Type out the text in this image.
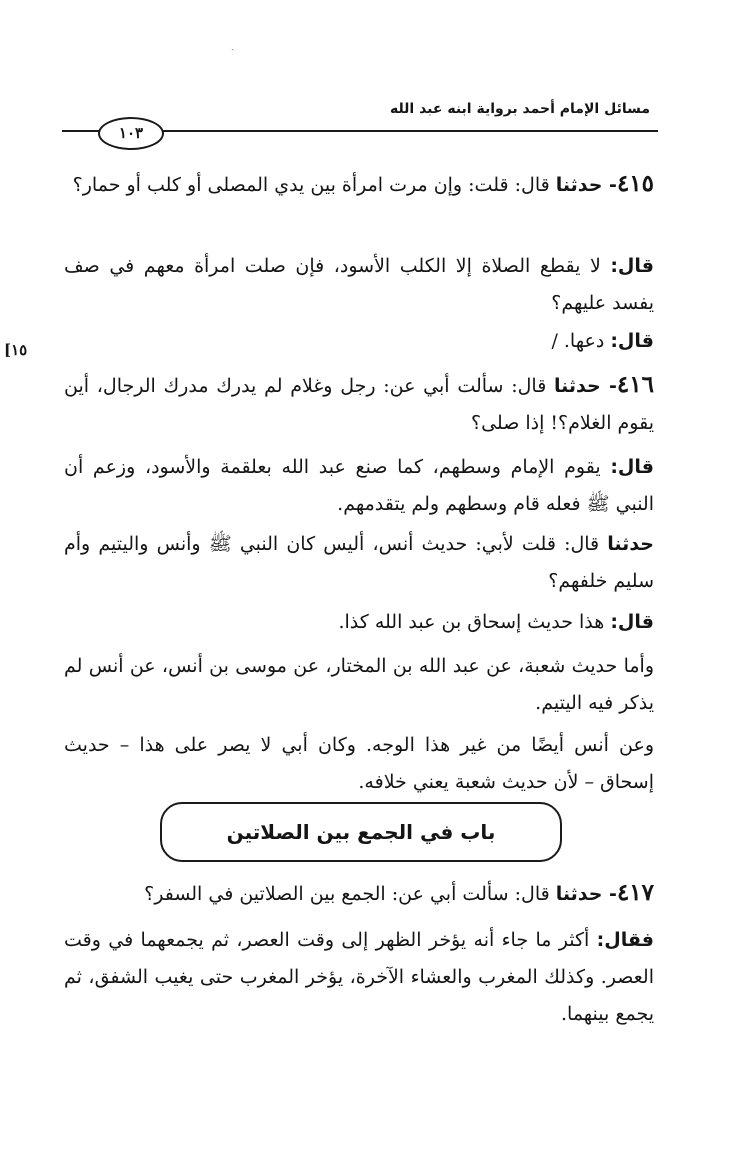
ˏ
مسائل الإمام أحمد برواية ابنه عبد الله
١٠٣
١٥]
٤١٥- حدثنا قال: قلت: وإن مرت امرأة بين يدي المصلى أو كلب أو حمار؟
قال: لا يقطع الصلاة إلا الكلب الأسود، فإن صلت امرأة معهم في صف يفسد عليهم؟
قال: دعها. /
٤١٦- حدثنا قال: سألت أبي عن: رجل وغلام لم يدرك مدرك الرجال، أين يقوم الغلام؟! إذا صلى؟
قال: يقوم الإمام وسطهم، كما صنع عبد الله بعلقمة والأسود، وزعم أن النبي ﷺ فعله قام وسطهم ولم يتقدمهم.
حدثنا قال: قلت لأبي: حديث أنس، أليس كان النبي ﷺ وأنس واليتيم وأم سليم خلفهم؟
قال: هذا حديث إسحاق بن عبد الله كذا.
وأما حديث شعبة، عن عبد الله بن المختار، عن موسى بن أنس، عن أنس لم يذكر فيه اليتيم.
وعن أنس أيضًا من غير هذا الوجه. وكان أبي لا يصر على هذا – حديث إسحاق – لأن حديث شعبة يعني خلافه.
باب في الجمع بين الصلاتين
٤١٧- حدثنا قال: سألت أبي عن: الجمع بين الصلاتين في السفر؟
فقال: أكثر ما جاء أنه يؤخر الظهر إلى وقت العصر، ثم يجمعهما في وقت العصر. وكذلك المغرب والعشاء الآخرة، يؤخر المغرب حتى يغيب الشفق، ثم يجمع بينهما.
